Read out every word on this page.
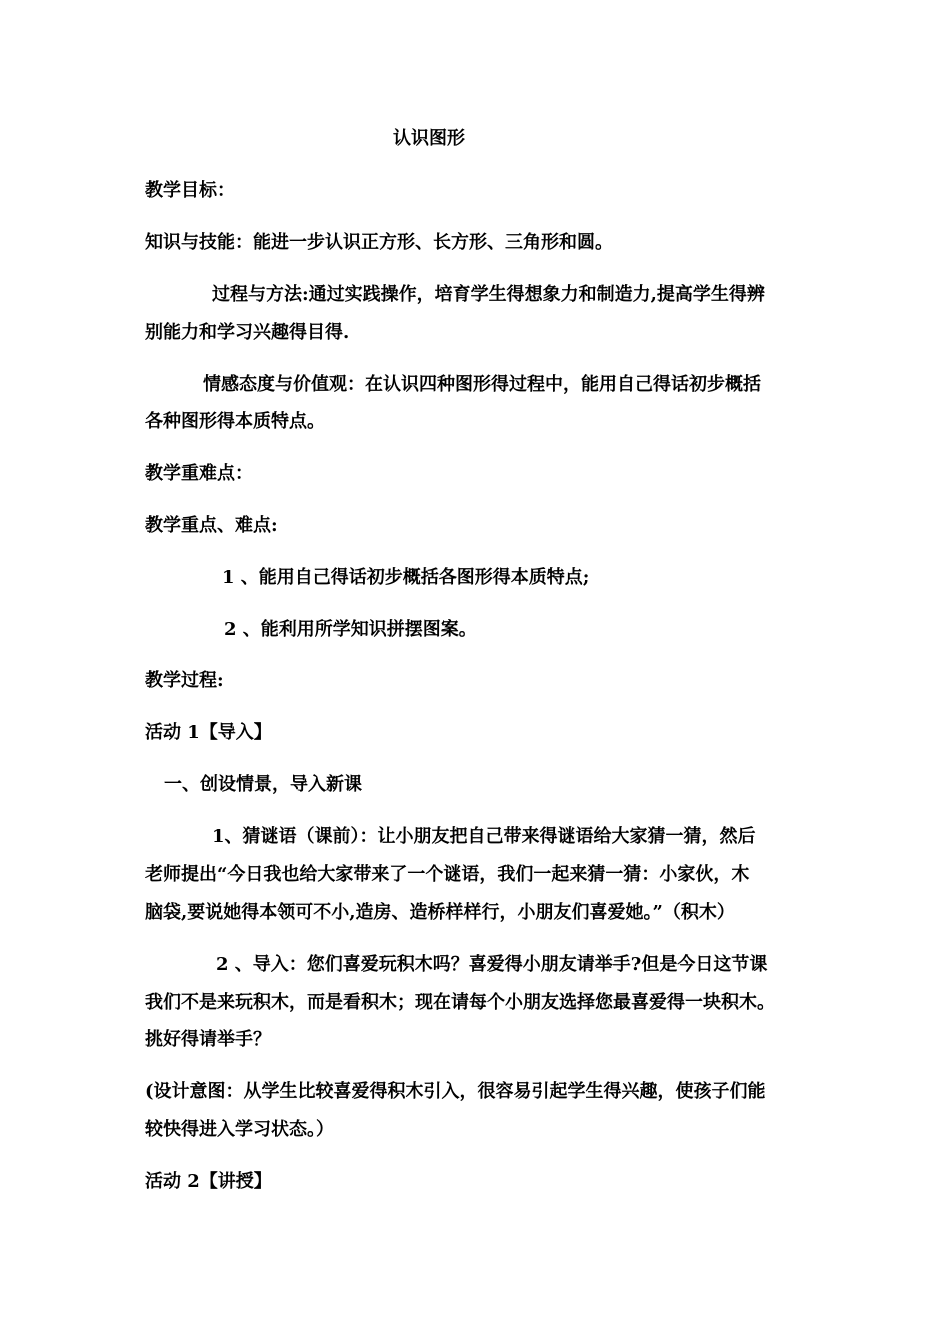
认识图形

教学目标：

知识与技能：能进一步认识正方形、长方形、三角形和圆。

过程与方法:通过实践操作，培育学生得想象力和制造力,提高学生得辨

别能力和学习兴趣得目得.

情感态度与价值观：在认识四种图形得过程中，能用自己得话初步概括

各种图形得本质特点。

教学重难点：

教学重点、难点:

1 、能用自己得话初步概括各图形得本质特点;

2 、能利用所学知识拼摆图案。

教学过程:

活动 1【导入】

一、创设情景，导入新课

1、猜谜语（课前）：让小朋友把自己带来得谜语给大家猜一猜，然后

老师提出“今日我也给大家带来了一个谜语，我们一起来猜一猜：小家伙，木

脑袋,要说她得本领可不小,造房、造桥样样行，小朋友们喜爱她。”（积木）

2 、导入：您们喜爱玩积木吗？喜爱得小朋友请举手?但是今日这节课

我们不是来玩积木，而是看积木；现在请每个小朋友选择您最喜爱得一块积木。

挑好得请举手？

(设计意图：从学生比较喜爱得积木引入，很容易引起学生得兴趣，使孩子们能

较快得进入学习状态。）

活动 2【讲授】
